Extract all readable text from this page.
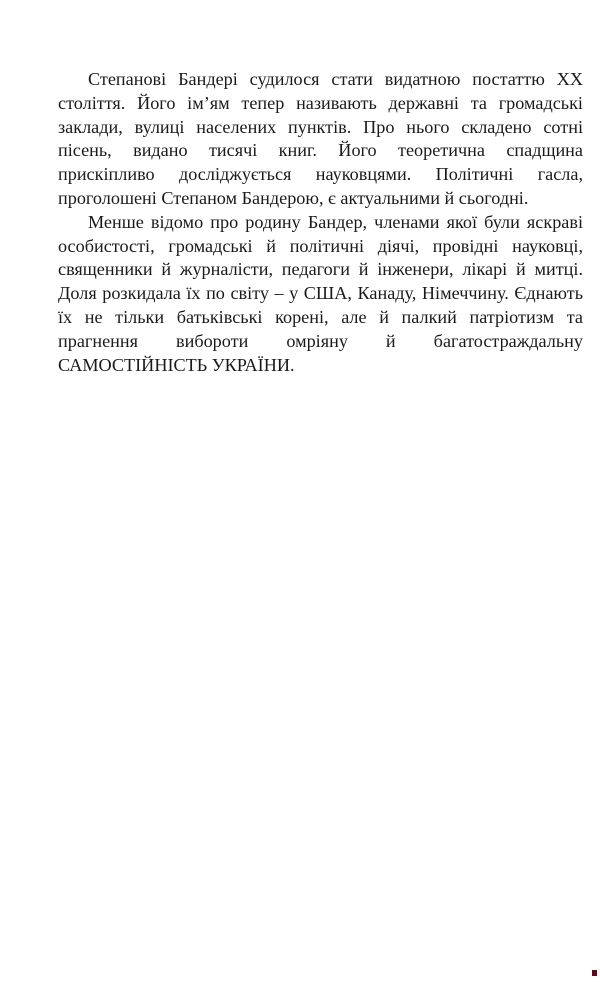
Степанові Бандері судилося стати видатною постаттю XX століття. Його ім’ям тепер називають державні та громадські заклади, вулиці населених пунктів. Про нього складено сотні пісень, видано тисячі книг. Його теоретична спадщина прискіпливо досліджується науковцями. Політичні гасла, проголошені Степаном Бандерою, є актуальними й сьогодні.

Менше відомо про родину Бандер, членами якої були яскраві особистості, громадські й політичні діячі, провідні науковці, священники й журналісти, педагоги й інженери, лікарі й митці. Доля розкидала їх по світу – у США, Канаду, Німеччину. Єднають їх не тільки батьківські корені, але й палкий патріотизм та прагнення вибороти омріяну й багатостраждальну САМОСТІЙНІСТЬ УКРАЇНИ.
